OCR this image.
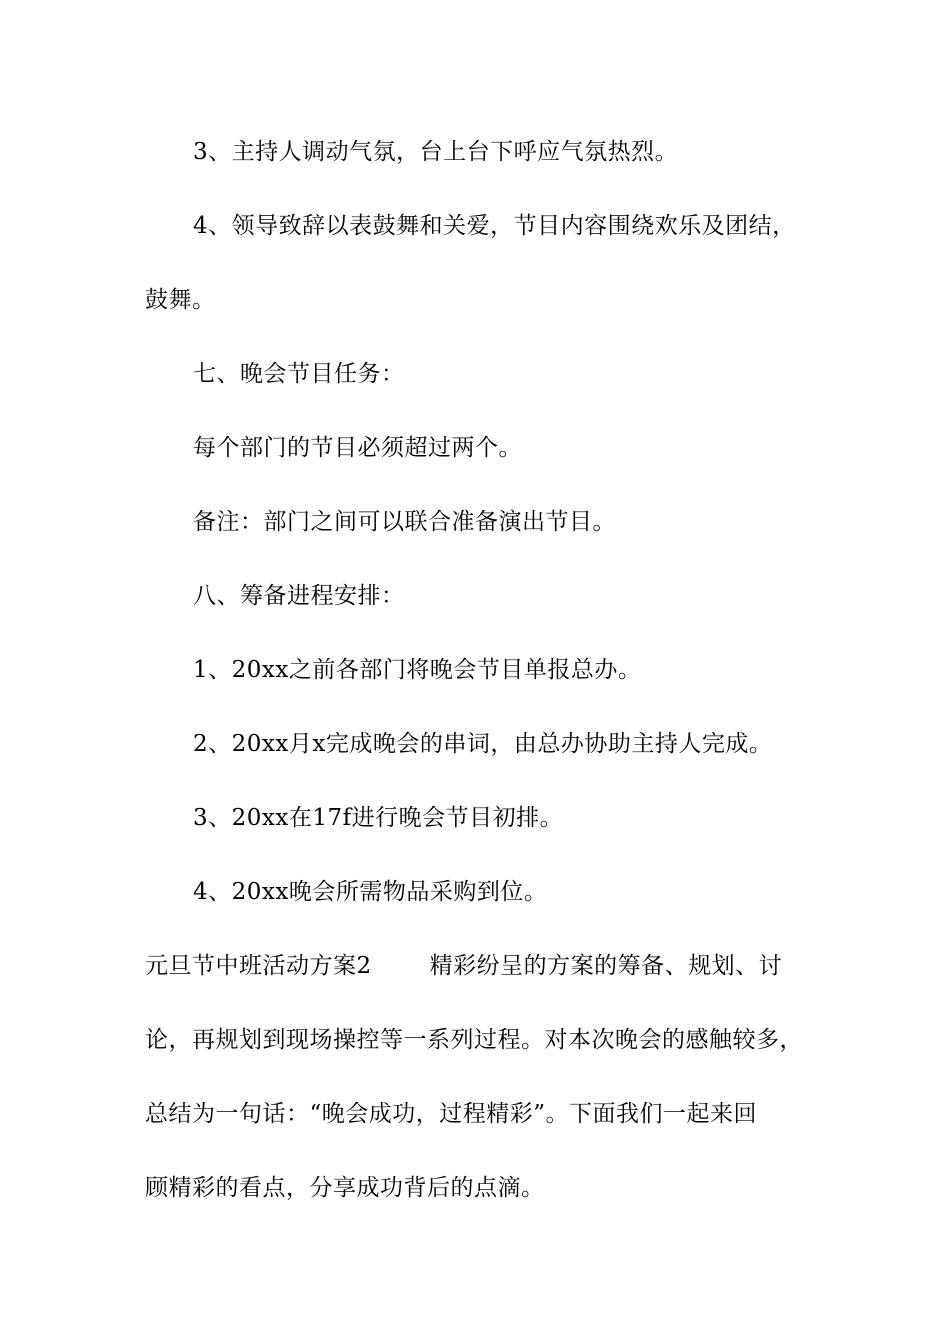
3、主持人调动气氛，台上台下呼应气氛热烈。
4、领导致辞以表鼓舞和关爱，节目内容围绕欢乐及团结，
鼓舞。
七、晚会节目任务：
每个部门的节目必须超过两个。
备注：部门之间可以联合准备演出节目。
八、筹备进程安排：
1、20xx之前各部门将晚会节目单报总办。
2、20xx月x完成晚会的串词，由总办协助主持人完成。
3、20xx在17f进行晚会节目初排。
4、20xx晚会所需物品采购到位。
元旦节中班活动方案2	精彩纷呈的方案的筹备、规划、讨
论，再规划到现场操控等一系列过程。对本次晚会的感触较多，
总结为一句话：“晚会成功，过程精彩”。下面我们一起来回
顾精彩的看点，分享成功背后的点滴。
